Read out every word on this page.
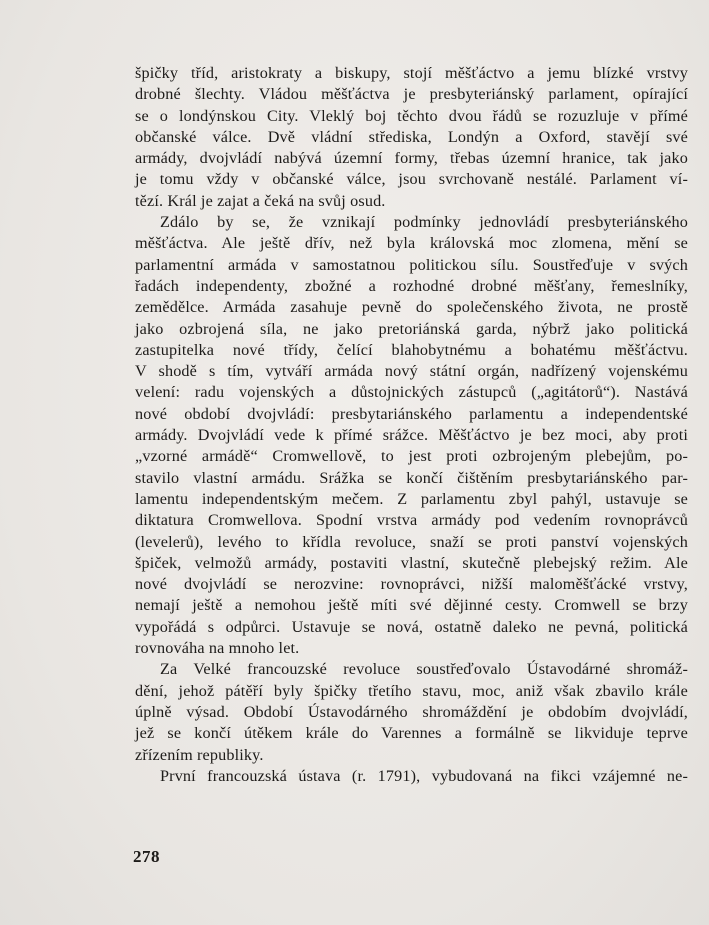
špičky tříd, aristokraty a biskupy, stojí měšťáctvo a jemu blízké vrstvy
drobné šlechty. Vládou měšťáctva je presbyteriánský parlament, opírající
se o londýnskou City. Vleklý boj těchto dvou řádů se rozuzluje v přímé
občanské válce. Dvě vládní střediska, Londýn a Oxford, stavějí své
armády, dvojvládí nabývá územní formy, třebas územní hranice, tak jako
je tomu vždy v občanské válce, jsou svrchovaně nestálé. Parlament ví-
tězí. Král je zajat a čeká na svůj osud.
Zdálo by se, že vznikají podmínky jednovládí presbyteriánského
měšťáctva. Ale ještě dřív, než byla královská moc zlomena, mění se
parlamentní armáda v samostatnou politickou sílu. Soustřeďuje v svých
řadách independenty, zbožné a rozhodné drobné měšťany, řemeslníky,
zemědělce. Armáda zasahuje pevně do společenského života, ne prostě
jako ozbrojená síla, ne jako pretoriánská garda, nýbrž jako politická
zastupitelka nové třídy, čelící blahobytnému a bohatému měšťáctvu.
V shodě s tím, vytváří armáda nový státní orgán, nadřízený vojenskému
velení: radu vojenských a důstojnických zástupců („agitátorů“). Nastává
nové období dvojvládí: presbytariánského parlamentu a independentské
armády. Dvojvládí vede k přímé srážce. Měšťáctvo je bez moci, aby proti
„vzorné armádě“ Cromwellově, to jest proti ozbrojeným plebejům, po-
stavilo vlastní armádu. Srážka se končí čištěním presbytariánského par-
lamentu independentským mečem. Z parlamentu zbyl pahýl, ustavuje se
diktatura Cromwellova. Spodní vrstva armády pod vedením rovnoprávců
(levelerů), levého to křídla revoluce, snaží se proti panství vojenských
špiček, velmožů armády, postaviti vlastní, skutečně plebejský režim. Ale
nové dvojvládí se nerozvine: rovnoprávci, nižší maloměšťácké vrstvy,
nemají ještě a nemohou ještě míti své dějinné cesty. Cromwell se brzy
vypořádá s odpůrci. Ustavuje se nová, ostatně daleko ne pevná, politická
rovnováha na mnoho let.
Za Velké francouzské revoluce soustřeďovalo Ústavodárné shromáž-
dění, jehož pátěří byly špičky třetího stavu, moc, aniž však zbavilo krále
úplně výsad. Období Ústavodárného shromáždění je obdobím dvojvládí,
jež se končí útěkem krále do Varennes a formálně se likviduje teprve
zřízením republiky.
První francouzská ústava (r. 1791), vybudovaná na fikci vzájemné ne-
278
